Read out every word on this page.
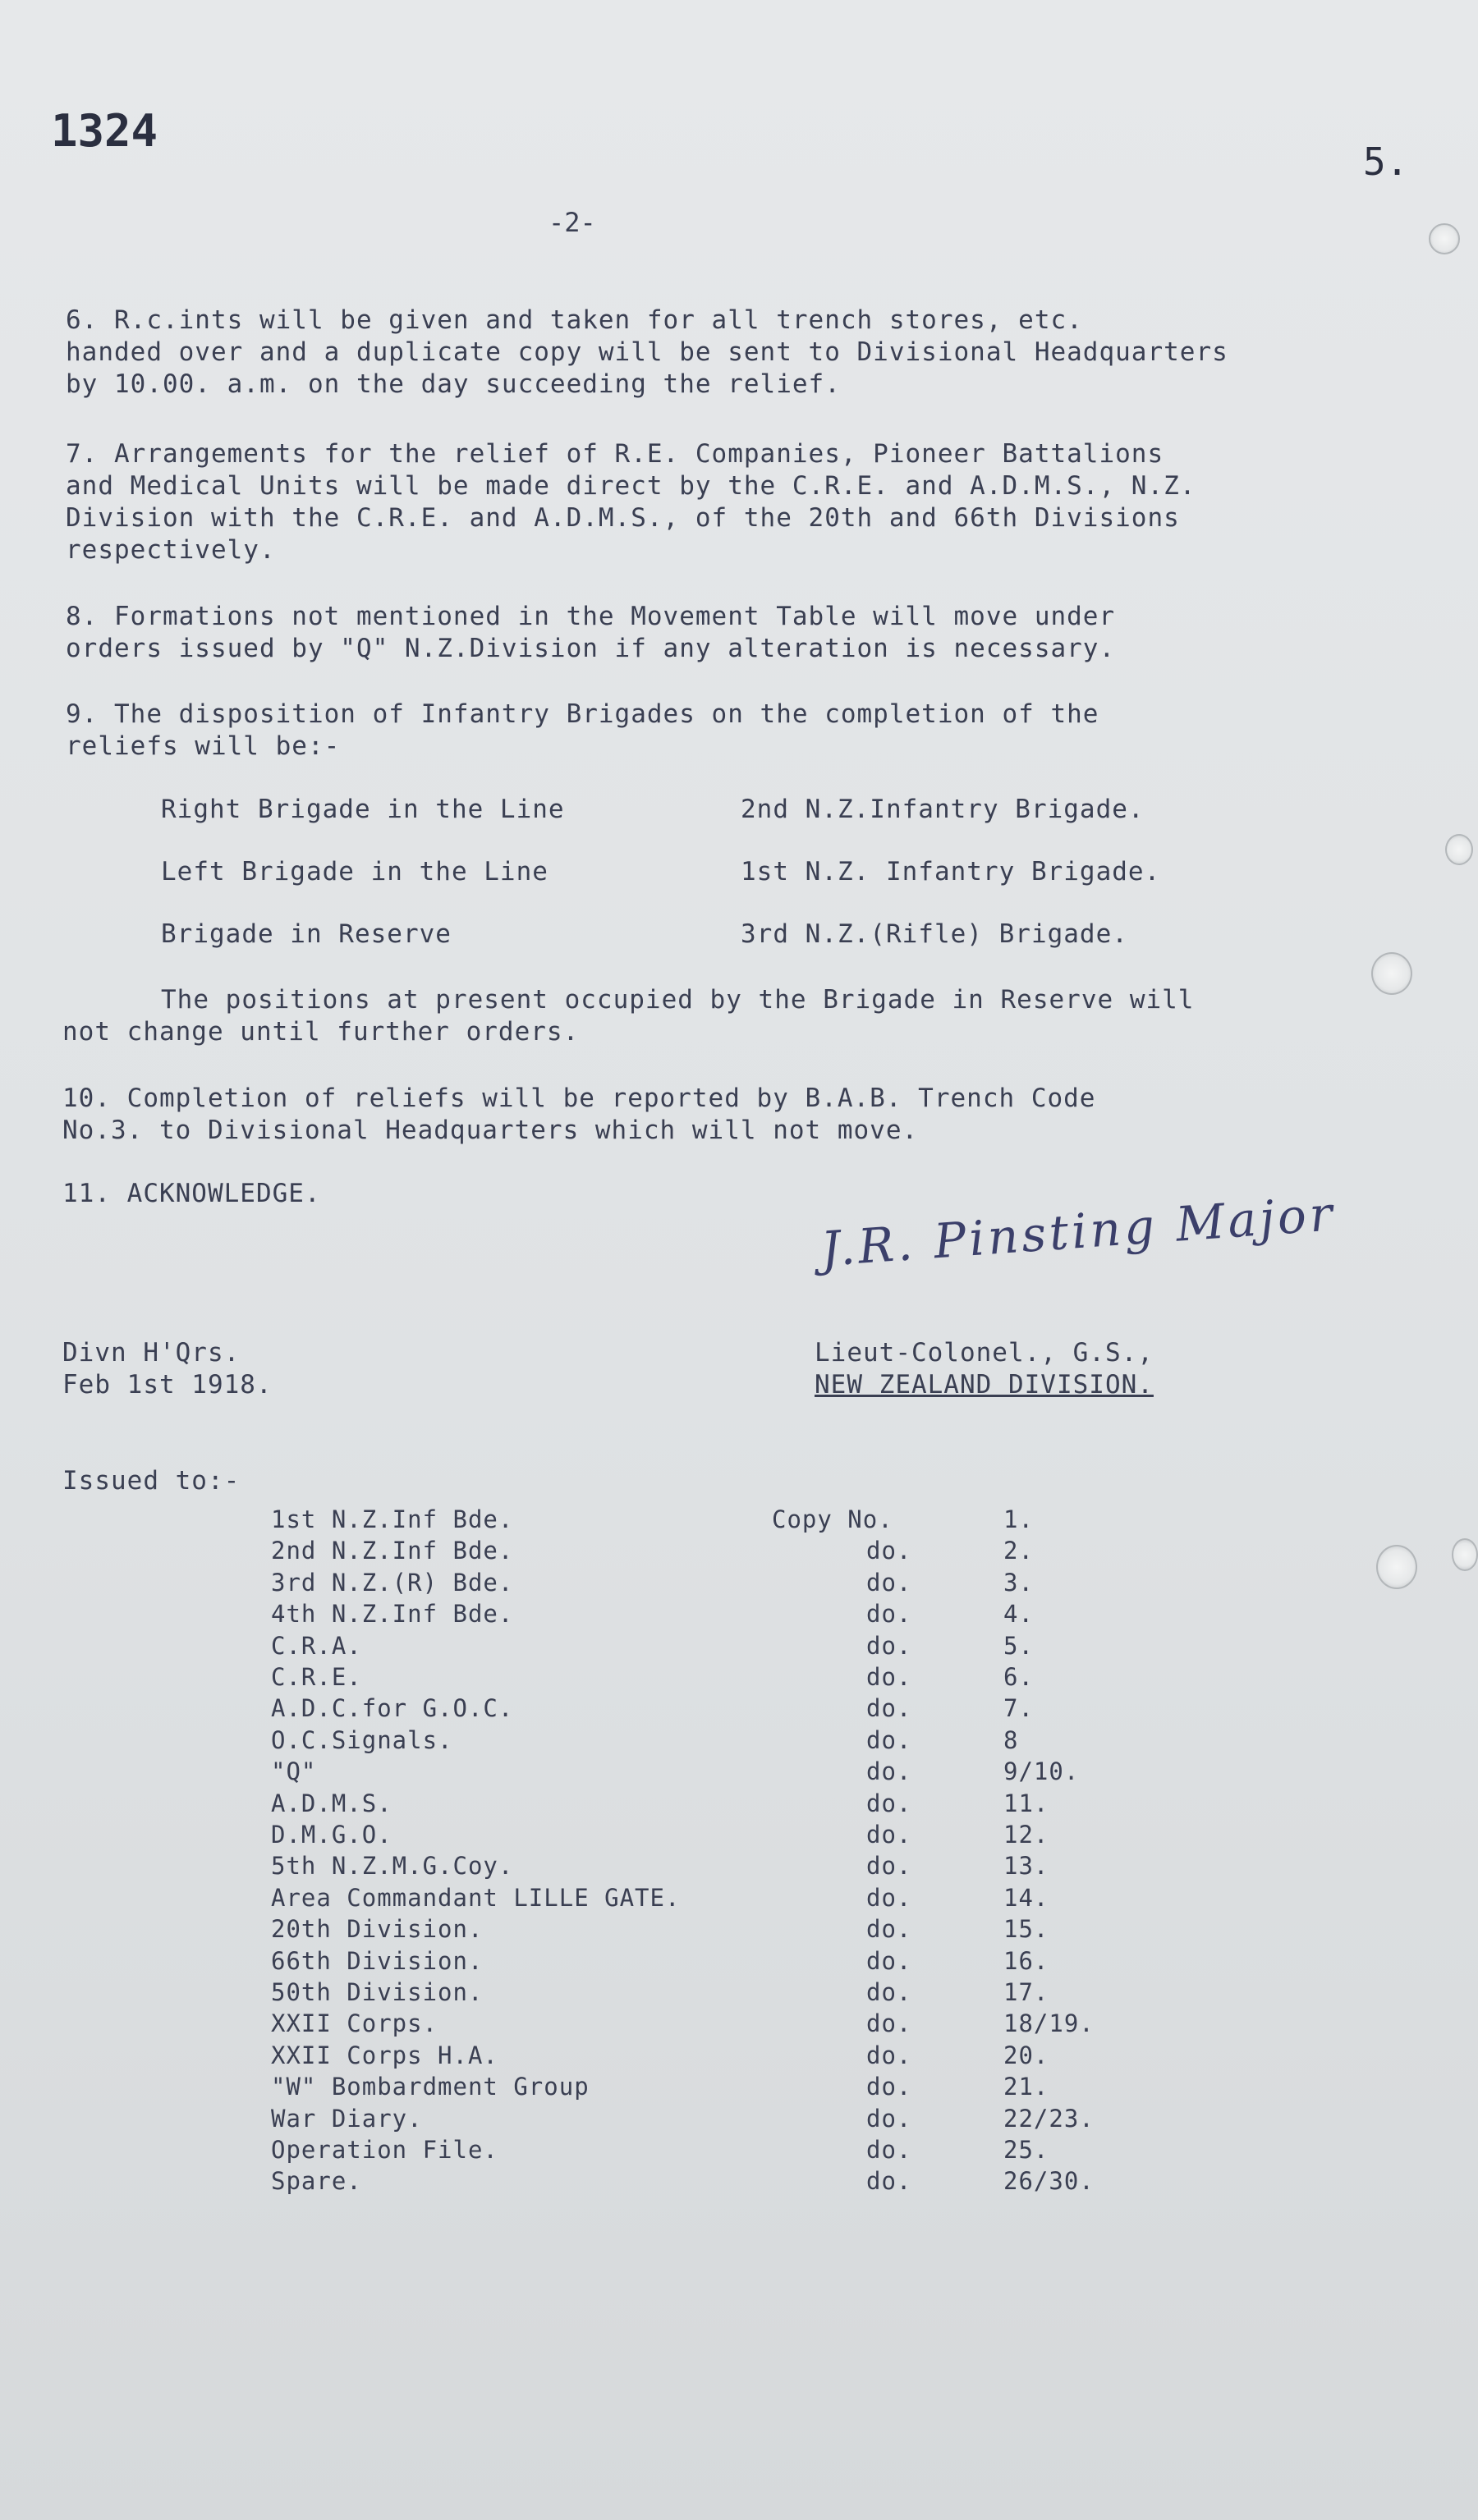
1324
5.
-2-
6. R.c.ints will be given and taken for all trench stores, etc.
handed over and a duplicate copy will be sent to Divisional Headquarters
by 10.00. a.m. on the day succeeding the relief.
7. Arrangements for the relief of R.E. Companies, Pioneer Battalions
and Medical Units will be made direct by the C.R.E. and A.D.M.S., N.Z.
Division with the C.R.E. and A.D.M.S., of the 20th and 66th Divisions
respectively.
8. Formations not mentioned in the Movement Table will move under
orders issued by "Q" N.Z.Division if any alteration is necessary.
9. The disposition of Infantry Brigades on the completion of the
reliefs will be:-
Right Brigade in the Line	2nd N.Z.Infantry Brigade.
Left Brigade in the Line	1st N.Z. Infantry Brigade.
Brigade in Reserve	3rd N.Z.(Rifle) Brigade.
The positions at present occupied by the Brigade in Reserve will
not change until further orders.
10. Completion of reliefs will be reported by B.A.B. Trench Code
No.3. to Divisional Headquarters which will not move.
11. ACKNOWLEDGE.	J.R. Pinsting Major
Divn H'Qrs.
Feb 1st 1918.
Lieut-Colonel., G.S.,
NEW ZEALAND DIVISION.
Issued to:-
1st N.Z.Inf Bde.	Copy No.	1.
2nd N.Z.Inf Bde.	do.	2.
3rd N.Z.(R) Bde.	do.	3.
4th N.Z.Inf Bde.	do.	4.
C.R.A.	do.	5.
C.R.E.	do.	6.
A.D.C.for G.O.C.	do.	7.
O.C.Signals.	do.	8
"Q"	do.	9/10.
A.D.M.S.	do.	11.
D.M.G.O.	do.	12.
5th N.Z.M.G.Coy.	do.	13.
Area Commandant LILLE GATE.	do.	14.
20th Division.	do.	15.
66th Division.	do.	16.
50th Division.	do.	17.
XXII Corps.	do.	18/19.
XXII Corps H.A.	do.	20.
"W" Bombardment Group	do.	21.
War Diary.	do.	22/23.
Operation File.	do.	25.
Spare.	do.	26/30.
